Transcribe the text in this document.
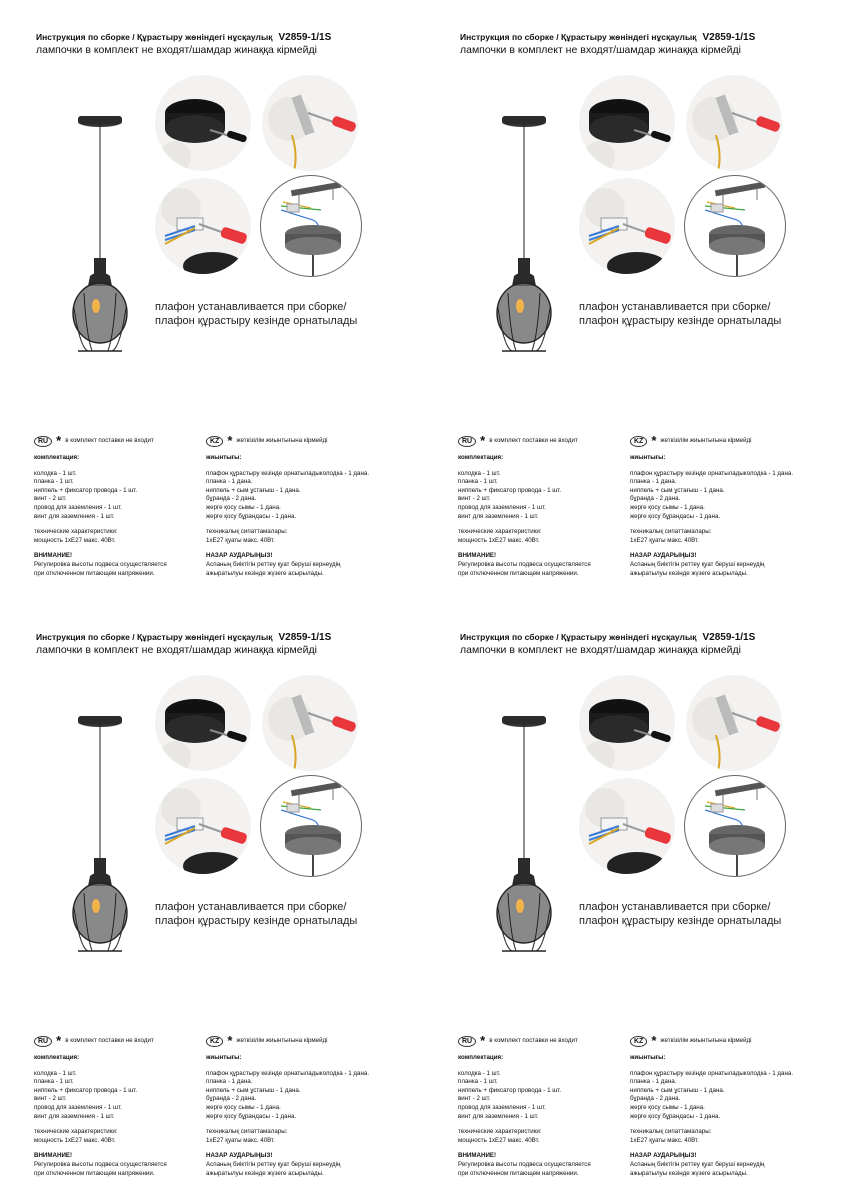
Инструкция по сборке / Құрастыру жөніндегі нұсқаулық V2859-1/1S
лампочки в комплект не входят/шамдар жинаққа кірмейді
плафон устанавливается при сборке/
плафон құрастыру кезінде орнатылады

RU * в комплект поставки не входит

комплектация:

колодка - 1 шт.

планка - 1 шт.

ниппель + фиксатор провода - 1 шт.

винт - 2 шт.

провод для заземления - 1 шт.

винт для заземления - 1 шт.

технические характеристики:

мощность 1xE27 макс. 40Вт.

ВНИМАНИЕ!

Регулировка высоты подвеса осуществляется

при отключенном питающем напряжении.

KZ * жеткізілім жиынтығына кірмейді

жиынтығы:

плафон құрастыру кезінде орнатыладыколодка - 1 дана.

планка - 1 дана.

ниппель + сым ұстағыш - 1 дана.

бұранда - 2 дана.

жерге қосу сымы - 1 дана.

жерге қосу бұрандасы - 1 дана.

техникалық сипаттамалары:

1xE27 қуаты макс. 40Вт.

НАЗАР АУДАРЫҢЫЗ!

Аспаның биіктігін реттеу қуат беруші кернеудің

ажыратылуы кезінде жүзеге асырылады.

Инструкция по сборке / Құрастыру жөніндегі нұсқаулық V2859-1/1S
лампочки в комплект не входят/шамдар жинаққа кірмейді
плафон устанавливается при сборке/
плафон құрастыру кезінде орнатылады

RU * в комплект поставки не входит

комплектация:

колодка - 1 шт.

планка - 1 шт.

ниппель + фиксатор провода - 1 шт.

винт - 2 шт.

провод для заземления - 1 шт.

винт для заземления - 1 шт.

технические характеристики:

мощность 1xE27 макс. 40Вт.

ВНИМАНИЕ!

Регулировка высоты подвеса осуществляется

при отключенном питающем напряжении.

KZ * жеткізілім жиынтығына кірмейді

жиынтығы:

плафон құрастыру кезінде орнатыладыколодка - 1 дана.

планка - 1 дана.

ниппель + сым ұстағыш - 1 дана.

бұранда - 2 дана.

жерге қосу сымы - 1 дана.

жерге қосу бұрандасы - 1 дана.

техникалық сипаттамалары:

1xE27 қуаты макс. 40Вт.

НАЗАР АУДАРЫҢЫЗ!

Аспаның биіктігін реттеу қуат беруші кернеудің

ажыратылуы кезінде жүзеге асырылады.

Инструкция по сборке / Құрастыру жөніндегі нұсқаулық V2859-1/1S
лампочки в комплект не входят/шамдар жинаққа кірмейді
плафон устанавливается при сборке/
плафон құрастыру кезінде орнатылады

RU * в комплект поставки не входит

комплектация:

колодка - 1 шт.

планка - 1 шт.

ниппель + фиксатор провода - 1 шт.

винт - 2 шт.

провод для заземления - 1 шт.

винт для заземления - 1 шт.

технические характеристики:

мощность 1xE27 макс. 40Вт.

ВНИМАНИЕ!

Регулировка высоты подвеса осуществляется

при отключенном питающем напряжении.

KZ * жеткізілім жиынтығына кірмейді

жиынтығы:

плафон құрастыру кезінде орнатыладыколодка - 1 дана.

планка - 1 дана.

ниппель + сым ұстағыш - 1 дана.

бұранда - 2 дана.

жерге қосу сымы - 1 дана.

жерге қосу бұрандасы - 1 дана.

техникалық сипаттамалары:

1xE27 қуаты макс. 40Вт.

НАЗАР АУДАРЫҢЫЗ!

Аспаның биіктігін реттеу қуат беруші кернеудің

ажыратылуы кезінде жүзеге асырылады.

Инструкция по сборке / Құрастыру жөніндегі нұсқаулық V2859-1/1S
лампочки в комплект не входят/шамдар жинаққа кірмейді
плафон устанавливается при сборке/
плафон құрастыру кезінде орнатылады

RU * в комплект поставки не входит

комплектация:

колодка - 1 шт.

планка - 1 шт.

ниппель + фиксатор провода - 1 шт.

винт - 2 шт.

провод для заземления - 1 шт.

винт для заземления - 1 шт.

технические характеристики:

мощность 1xE27 макс. 40Вт.

ВНИМАНИЕ!

Регулировка высоты подвеса осуществляется

при отключенном питающем напряжении.

KZ * жеткізілім жиынтығына кірмейді

жиынтығы:

плафон құрастыру кезінде орнатыладыколодка - 1 дана.

планка - 1 дана.

ниппель + сым ұстағыш - 1 дана.

бұранда - 2 дана.

жерге қосу сымы - 1 дана.

жерге қосу бұрандасы - 1 дана.

техникалық сипаттамалары:

1xE27 қуаты макс. 40Вт.

НАЗАР АУДАРЫҢЫЗ!

Аспаның биіктігін реттеу қуат беруші кернеудің

ажыратылуы кезінде жүзеге асырылады.
